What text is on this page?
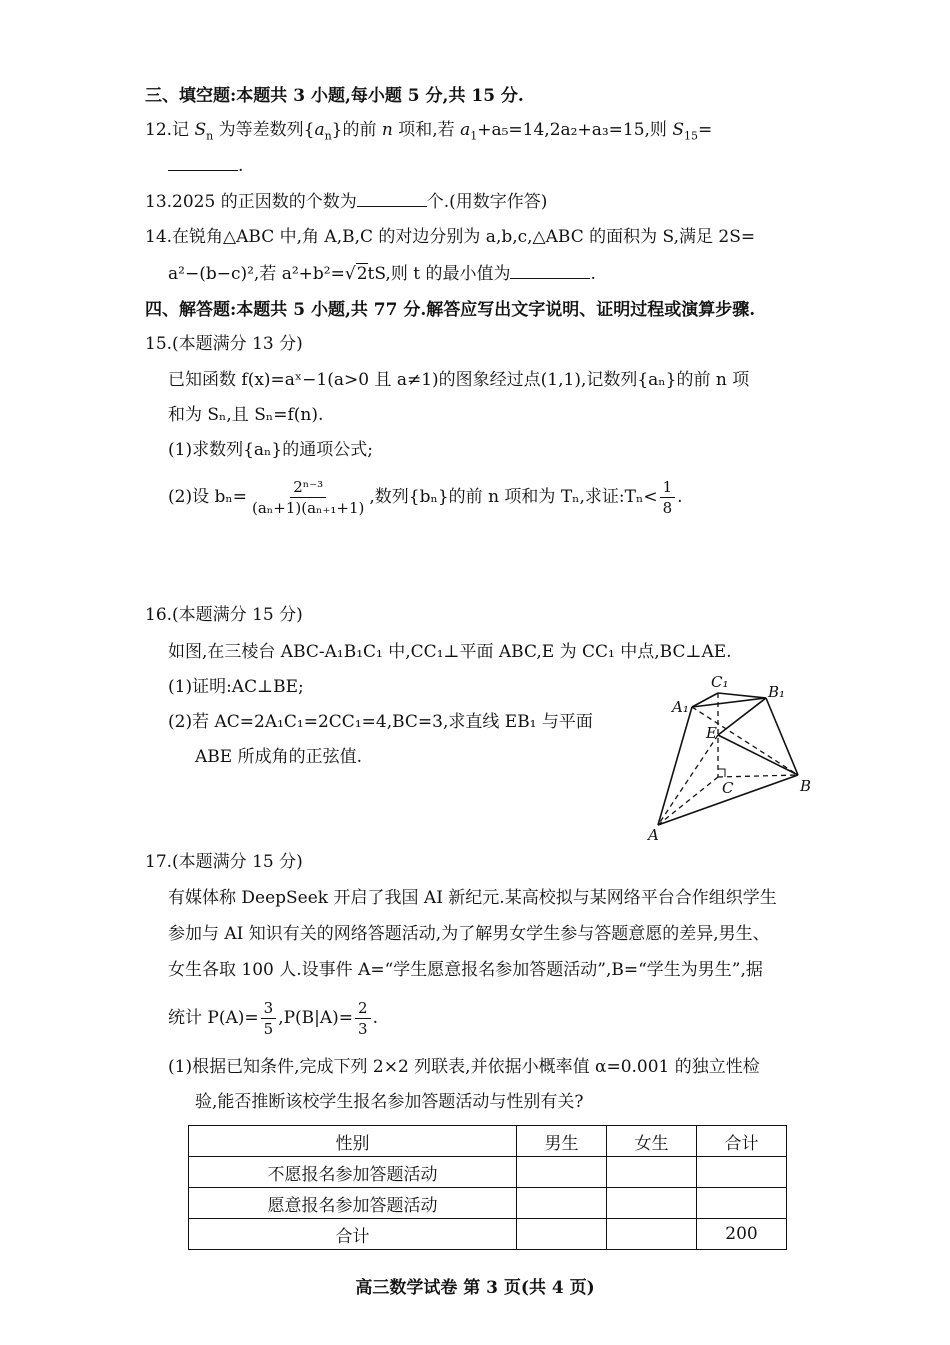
三、填空题:本题共 3 小题,每小题 5 分,共 15 分.
12.记 $S_n$ 为等差数列$\{a_n\}$的前 n 项和,若 $a_1+a_5=14,2a_2+a_3=15$,则 $S_{15}=$
.
13.2025 的正因数的个数为	个.(用数字作答)
14.在锐角△ABC 中,角 A,B,C 的对边分别为 a,b,c,△ABC 的面积为 S,满足 2S=
a²−(b−c)²,若 a²+b²=√2tS,则 t 的最小值为	.
四、解答题:本题共 5 小题,共 77 分.解答应写出文字说明、证明过程或演算步骤.
15.(本题满分 13 分)
已知函数 f(x)=aˣ−1(a>0 且 a≠1)的图象经过点(1,1),记数列{aₙ}的前 n 项
和为 Sₙ,且 Sₙ=f(n).
(1)求数列{aₙ}的通项公式;
(2)设 $b_n= \frac{\text{2ⁿ⁻³}}{\text{(aₙ+1)(aₙ₊₁+1)}}$ ,数列{bₙ}的前 n 项和为 Tₙ,求证:Tₙ< $\frac{1}{8}$ .
16.(本题满分 15 分)
如图,在三棱台 ABC-A₁B₁C₁ 中,CC₁⊥平面 ABC,E 为 CC₁ 中点,BC⊥AE.
(1)证明:AC⊥BE;
(2)若 AC=2A₁C₁=2CC₁=4,BC=3,求直线 EB₁ 与平面
ABE 所成角的正弦值.
C₁
B₁
A₁
E
C	B
A
17.(本题满分 15 分)
有媒体称 DeepSeek 开启了我国 AI 新纪元.某高校拟与某网络平台合作组织学生
参加与 AI 知识有关的网络答题活动,为了解男女学生参与答题意愿的差异,男生、
女生各取 100 人.设事件 A=“学生愿意报名参加答题活动”,B=“学生为男生”,据
统计 $P(A)= \frac{3}{5} ,P(B|A)= \frac{2}{3}$ .
(1)根据已知条件,完成下列 2×2 列联表,并依据小概率值 α=0.001 的独立性检
验,能否推断该校学生报名参加答题活动与性别有关?
性别	男生	女生	合计
不愿报名参加答题活动			
愿意报名参加答题活动			
合计			200
高三数学试卷 第 3 页(共 4 页)
